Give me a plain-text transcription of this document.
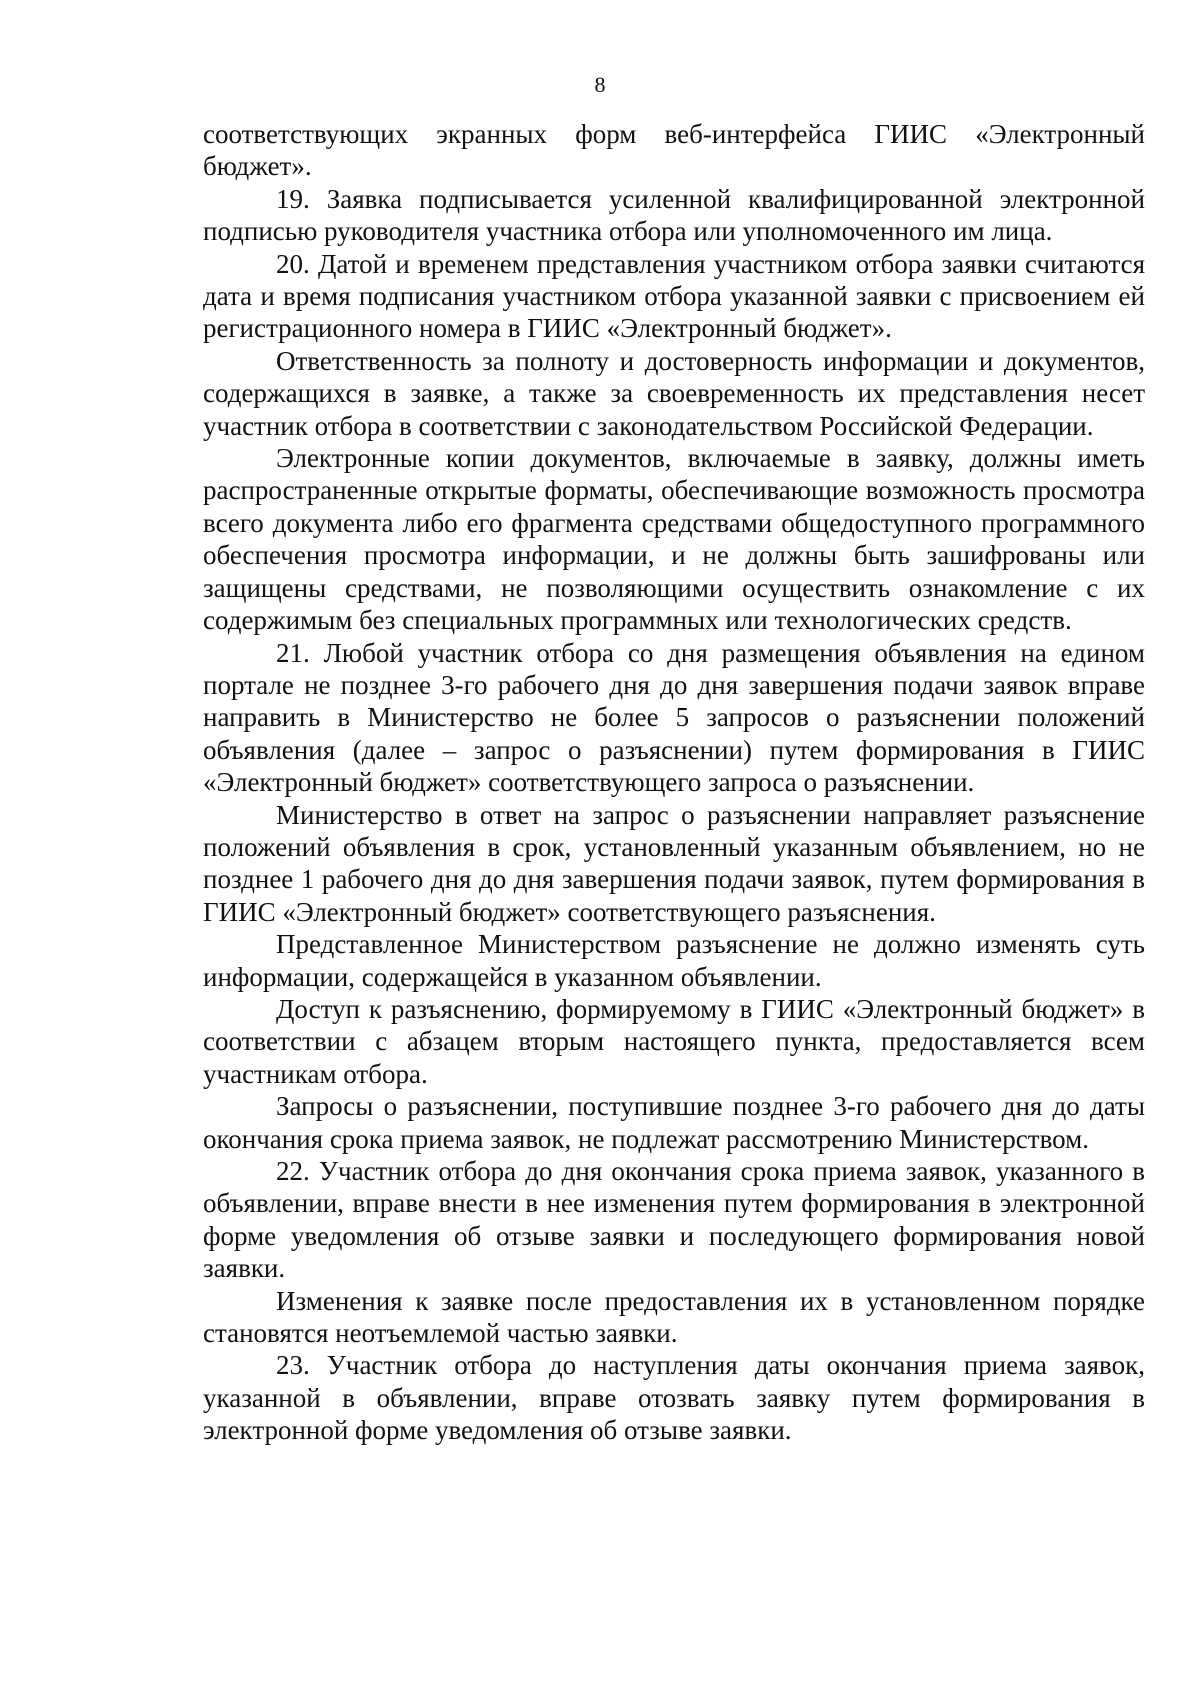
8

соответствующих экранных форм веб-интерфейса ГИИС «Электронный бюджет».

19. Заявка подписывается усиленной квалифицированной электронной подписью руководителя участника отбора или уполномоченного им лица.

20. Датой и временем представления участником отбора заявки считаются дата и время подписания участником отбора указанной заявки с присвоением ей регистрационного номера в ГИИС «Электронный бюджет».

Ответственность за полноту и достоверность информации и документов, содержащихся в заявке, а также за своевременность их представления несет участник отбора в соответствии с законодательством Российской Федерации.

Электронные копии документов, включаемые в заявку, должны иметь распространенные открытые форматы, обеспечивающие возможность просмотра всего документа либо его фрагмента средствами общедоступного программного обеспечения просмотра информации, и не должны быть зашифрованы или защищены средствами, не позволяющими осуществить ознакомление с их содержимым без специальных программных или технологических средств.

21. Любой участник отбора со дня размещения объявления на едином портале не позднее 3-го рабочего дня до дня завершения подачи заявок вправе направить в Министерство не более 5 запросов о разъяснении положений объявления (далее – запрос о разъяснении) путем формирования в ГИИС «Электронный бюджет» соответствующего запроса о разъяснении.

Министерство в ответ на запрос о разъяснении направляет разъяснение положений объявления в срок, установленный указанным объявлением, но не позднее 1 рабочего дня до дня завершения подачи заявок, путем формирования в ГИИС «Электронный бюджет» соответствующего разъяснения.

Представленное Министерством разъяснение не должно изменять суть информации, содержащейся в указанном объявлении.

Доступ к разъяснению, формируемому в ГИИС «Электронный бюджет» в соответствии с абзацем вторым настоящего пункта, предоставляется всем участникам отбора.

Запросы о разъяснении, поступившие позднее 3-го рабочего дня до даты окончания срока приема заявок, не подлежат рассмотрению Министерством.

22. Участник отбора до дня окончания срока приема заявок, указанного в объявлении, вправе внести в нее изменения путем формирования в электронной форме уведомления об отзыве заявки и последующего формирования новой заявки.

Изменения к заявке после предоставления их в установленном порядке становятся неотъемлемой частью заявки.

23. Участник отбора до наступления даты окончания приема заявок, указанной в объявлении, вправе отозвать заявку путем формирования в электронной форме уведомления об отзыве заявки.
